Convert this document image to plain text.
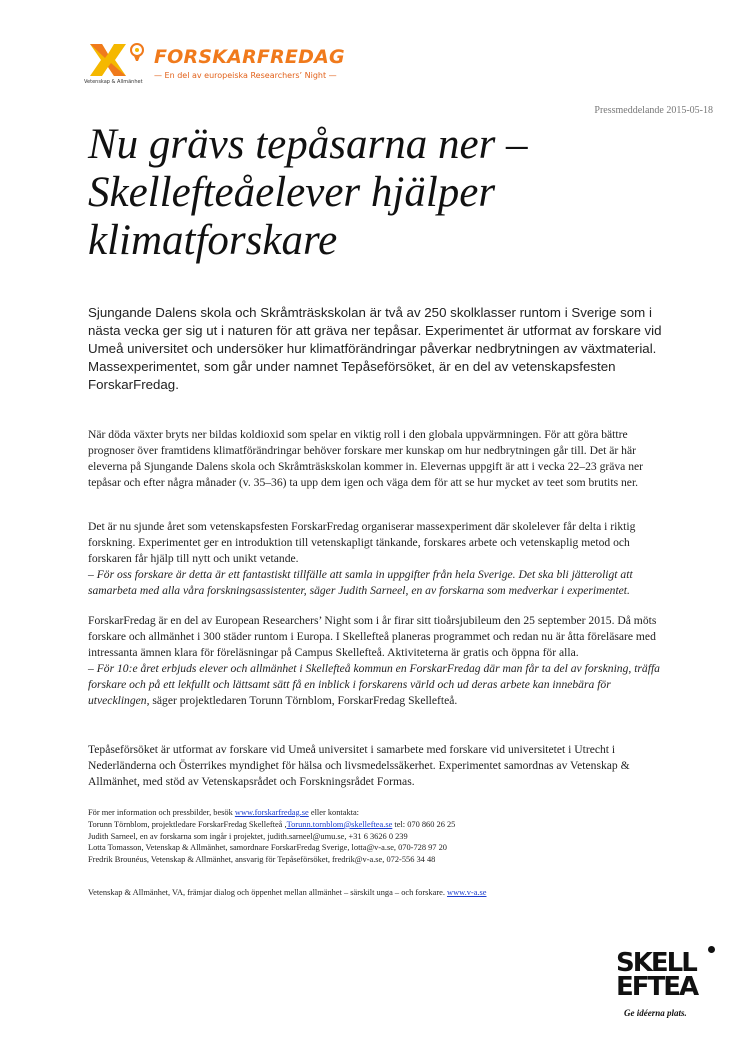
FORSKARFREDAG
— En del av europeiska Researchers’ Night —
Vetenskap & Allmänhet
Pressmeddelande 2015-05-18
Nu grävs tepåsarna ner –
Skellefteåelever hjälper
klimatforskare

Sjungande Dalens skola och Skråmträskskolan är två av 250 skolklasser runtom i Sverige som i nästa vecka ger sig ut i naturen för att gräva ner tepåsar. Experimentet är utformat av forskare vid Umeå universitet och undersöker hur klimatförändringar påverkar nedbrytningen av växtmaterial. Massexperimentet, som går under namnet Tepåseförsöket, är en del av vetenskapsfesten ForskarFredag.

När döda växter bryts ner bildas koldioxid som spelar en viktig roll i den globala uppvärmningen. För att göra bättre prognoser över framtidens klimatförändringar behöver forskare mer kunskap om hur nedbrytningen går till. Det är här eleverna på Sjungande Dalens skola och Skråmträskskolan kommer in. Elevernas uppgift är att i vecka 22–23 gräva ner tepåsar och efter några månader (v. 35–36) ta upp dem igen och väga dem för att se hur mycket av teet som brutits ner.

Det är nu sjunde året som vetenskapsfesten ForskarFredag organiserar massexperiment där skolelever får delta i riktig forskning. Experimentet ger en introduktion till vetenskapligt tänkande, forskares arbete och vetenskaplig metod och forskaren får hjälp till nytt och unikt vetande.

– För oss forskare är detta är ett fantastiskt tillfälle att samla in uppgifter från hela Sverige. Det ska bli jätteroligt att samarbeta med alla våra forskningsassistenter, säger Judith Sarneel, en av forskarna som medverkar i experimentet.

ForskarFredag är en del av European Researchers’ Night som i år firar sitt tioårsjubileum den 25 september 2015. Då möts forskare och allmänhet i 300 städer runtom i Europa. I Skellefteå planeras programmet och redan nu är åtta föreläsare med intressanta ämnen klara för föreläsningar på Campus Skellefteå. Aktiviteterna är gratis och öppna för alla.

– För 10:e året erbjuds elever och allmänhet i Skellefteå kommun en ForskarFredag där man får ta del av forskning, träffa forskare och på ett lekfullt och lättsamt sätt få en inblick i forskarens värld och ud deras arbete kan innebära för utvecklingen, säger projektledaren Torunn Törnblom, ForskarFredag Skellefteå.

Tepåseförsöket är utformat av forskare vid Umeå universitet i samarbete med forskare vid universitetet i Utrecht i Nederländerna och Österrikes myndighet för hälsa och livsmedelssäkerhet. Experimentet samordnas av Vetenskap & Allmänhet, med stöd av Vetenskapsrådet och Forskningsrådet Formas.

För mer information och pressbilder, besök www.forskarfredag.se eller kontakta:
Torunn Törnblom, projektledare ForskarFredag Skellefteå ,Torunn.tornblom@skelleftea.se tel: 070 860 26 25
Judith Sarneel, en av forskarna som ingår i projektet, judith.sarneel@umu.se, +31 6 3626 0 239
Lotta Tomasson, Vetenskap & Allmänhet, samordnare ForskarFredag Sverige, lotta@v-a.se, 070-728 97 20
Fredrik Brounéus, Vetenskap & Allmänhet, ansvarig för Tepåseförsöket, fredrik@v-a.se, 072-556 34 48
Vetenskap & Allmänhet, VA, främjar dialog och öppenhet mellan allmänhet – särskilt unga – och forskare. www.v-a.se
SKELL
EFTEA
Ge idéerna plats.
